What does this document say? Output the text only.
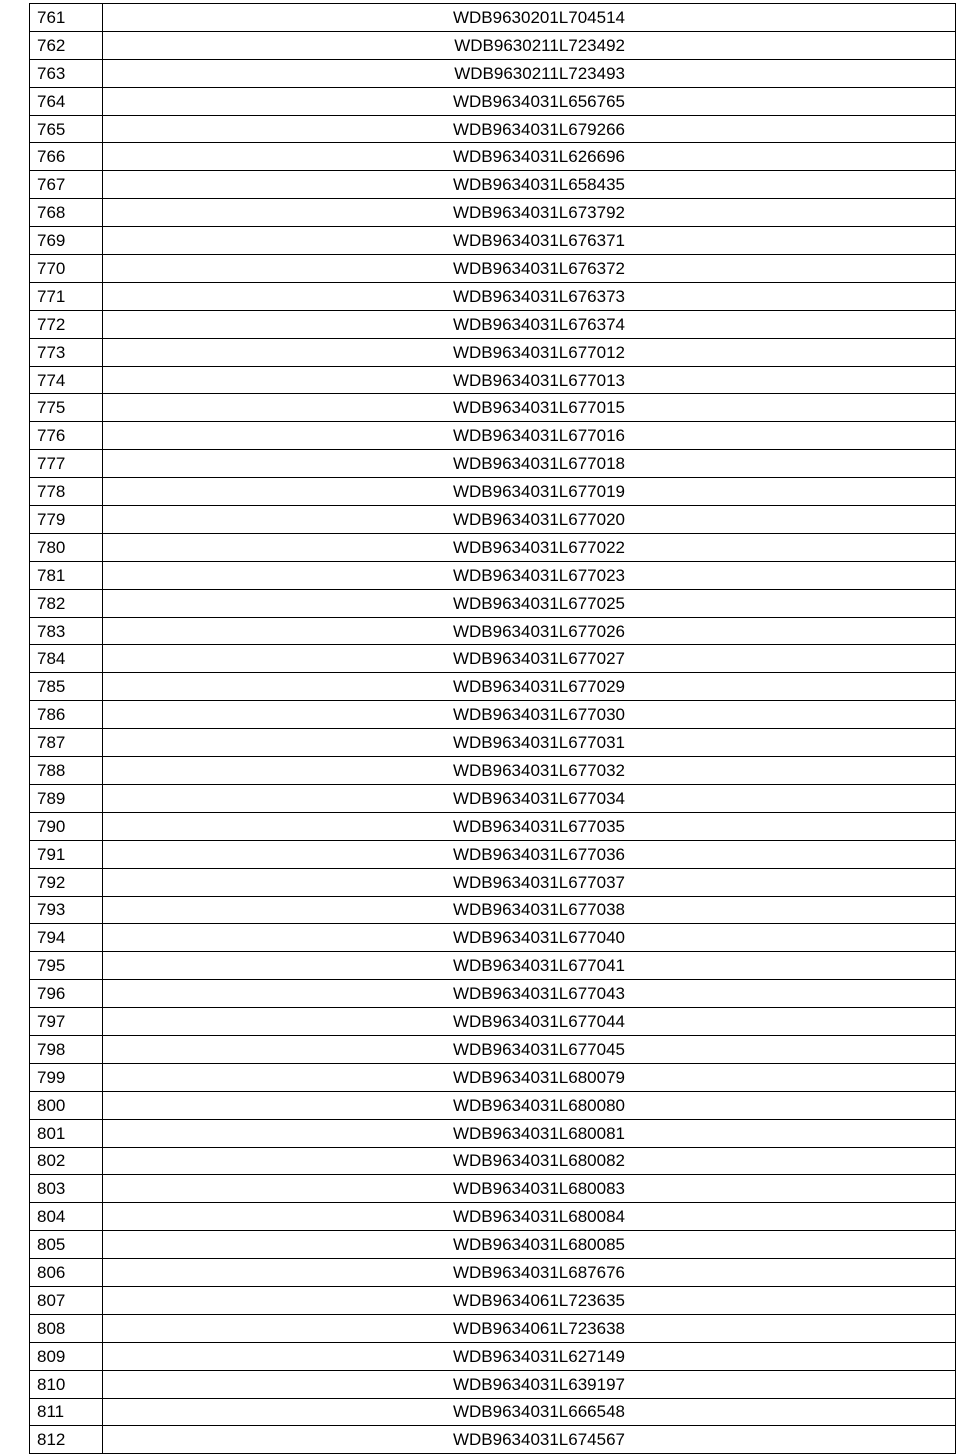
761	WDB9630201L704514
762	WDB9630211L723492
763	WDB9630211L723493
764	WDB9634031L656765
765	WDB9634031L679266
766	WDB9634031L626696
767	WDB9634031L658435
768	WDB9634031L673792
769	WDB9634031L676371
770	WDB9634031L676372
771	WDB9634031L676373
772	WDB9634031L676374
773	WDB9634031L677012
774	WDB9634031L677013
775	WDB9634031L677015
776	WDB9634031L677016
777	WDB9634031L677018
778	WDB9634031L677019
779	WDB9634031L677020
780	WDB9634031L677022
781	WDB9634031L677023
782	WDB9634031L677025
783	WDB9634031L677026
784	WDB9634031L677027
785	WDB9634031L677029
786	WDB9634031L677030
787	WDB9634031L677031
788	WDB9634031L677032
789	WDB9634031L677034
790	WDB9634031L677035
791	WDB9634031L677036
792	WDB9634031L677037
793	WDB9634031L677038
794	WDB9634031L677040
795	WDB9634031L677041
796	WDB9634031L677043
797	WDB9634031L677044
798	WDB9634031L677045
799	WDB9634031L680079
800	WDB9634031L680080
801	WDB9634031L680081
802	WDB9634031L680082
803	WDB9634031L680083
804	WDB9634031L680084
805	WDB9634031L680085
806	WDB9634031L687676
807	WDB9634061L723635
808	WDB9634061L723638
809	WDB9634031L627149
810	WDB9634031L639197
811	WDB9634031L666548
812	WDB9634031L674567
